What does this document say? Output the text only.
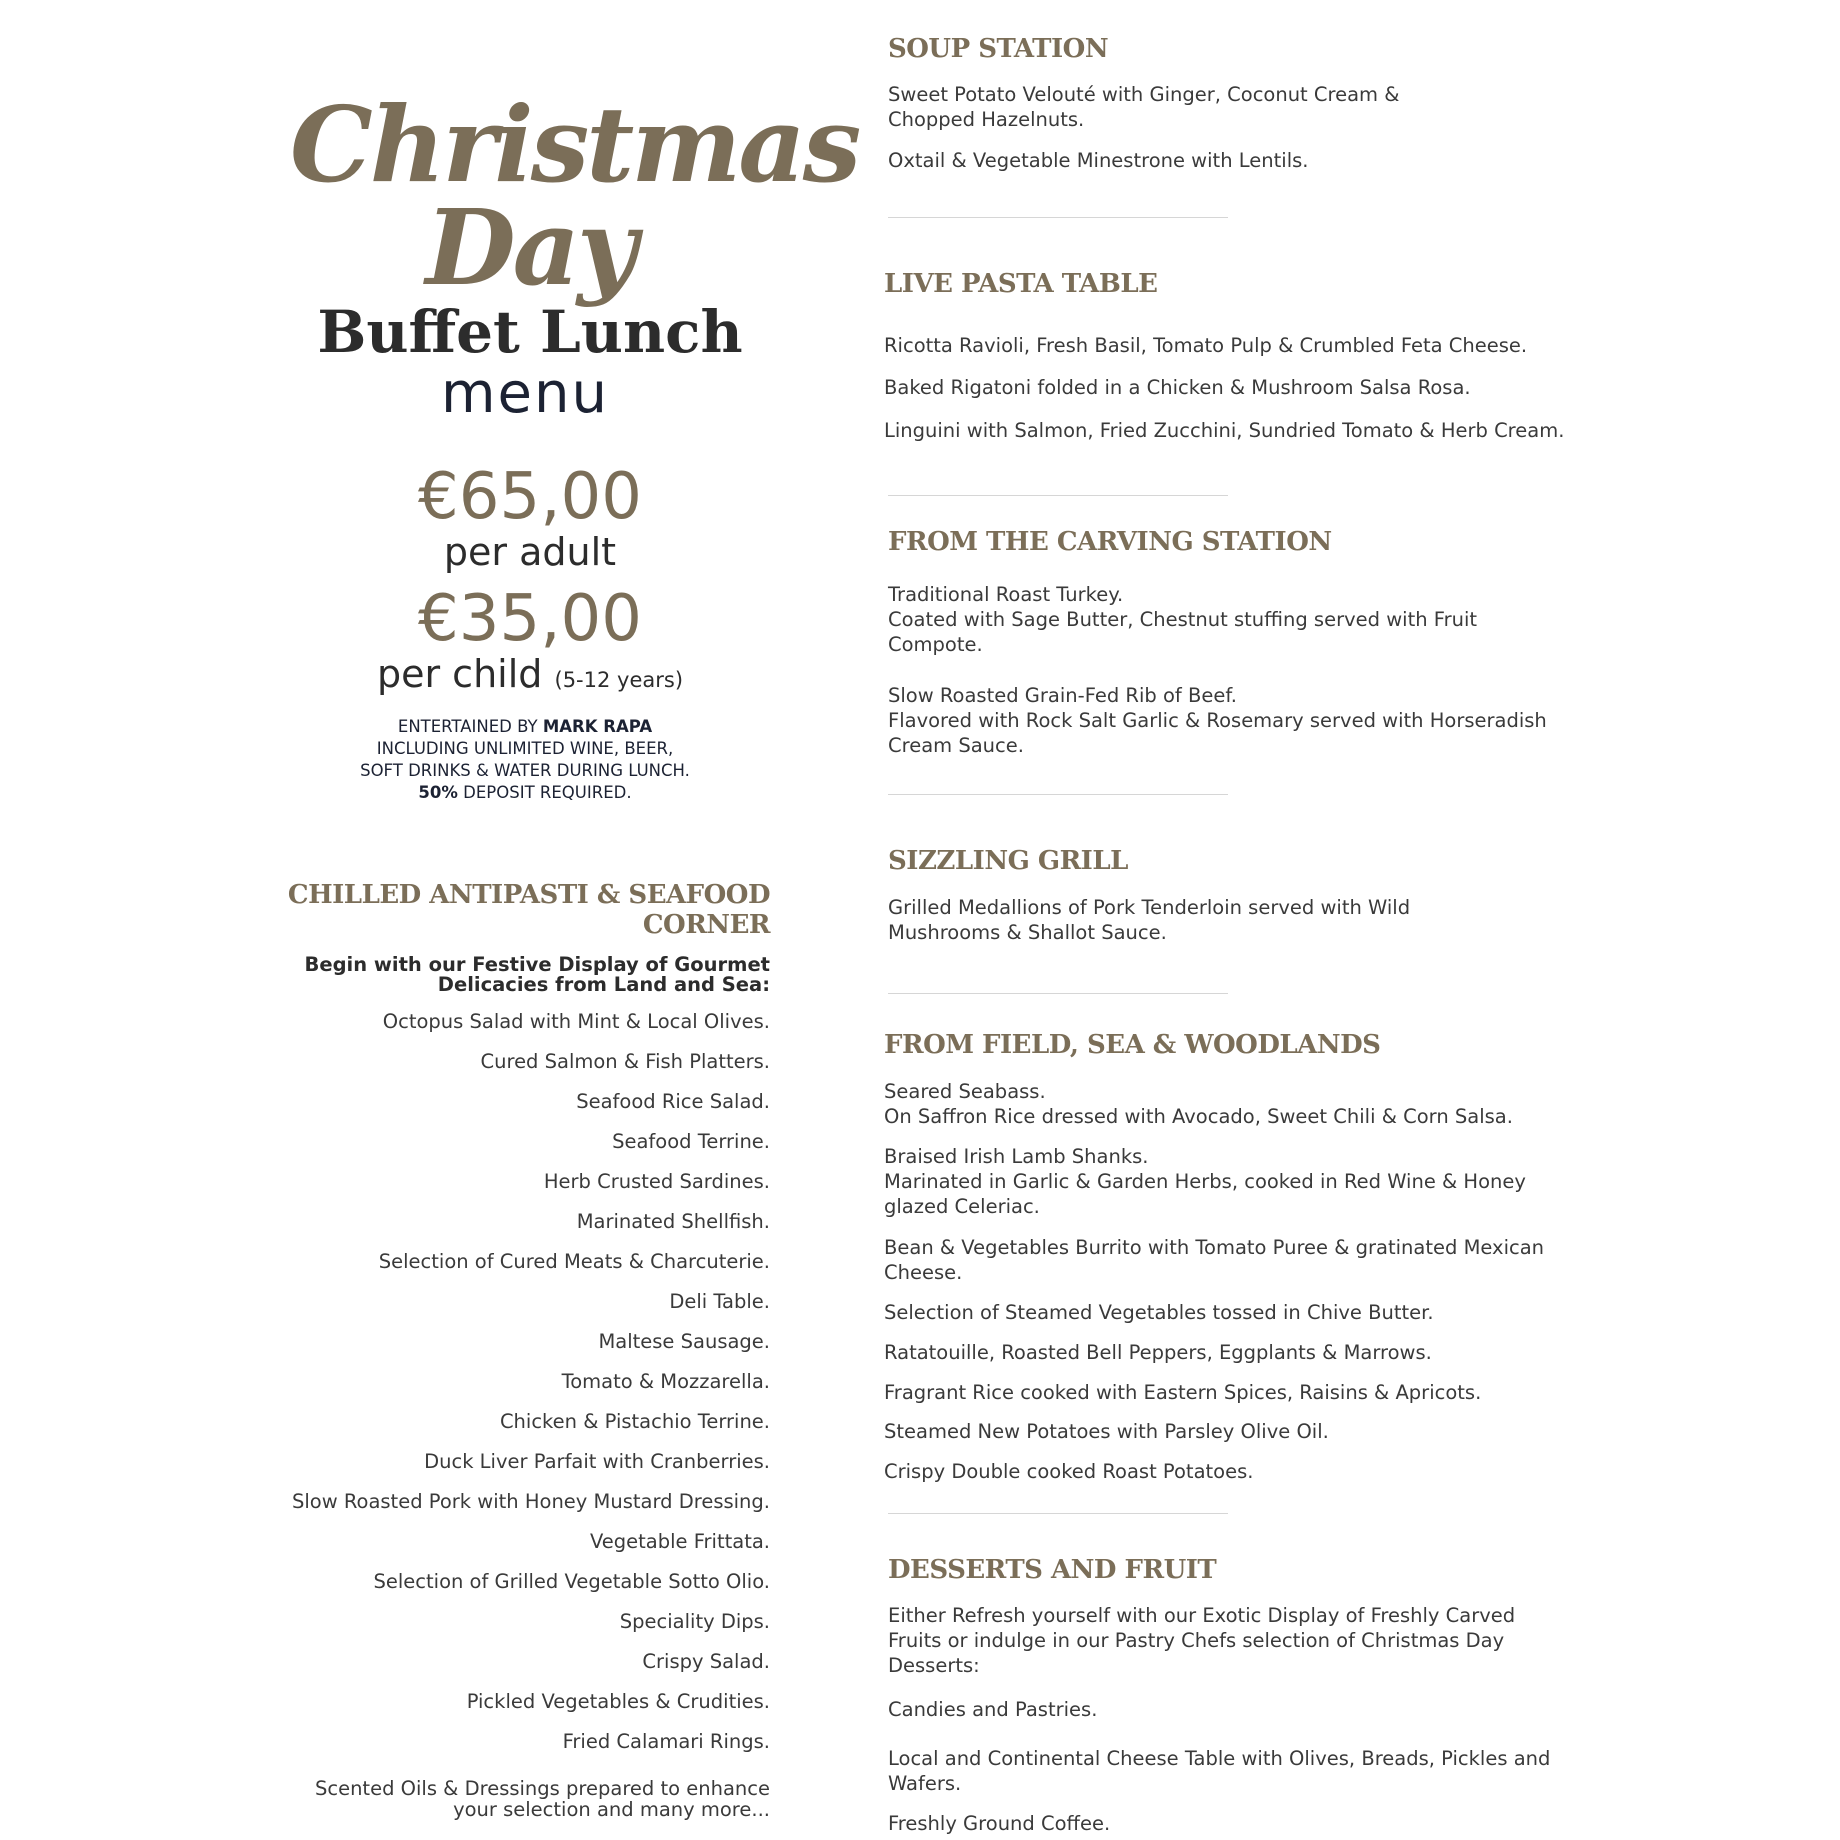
Christmas
Day
Buffet Lunch
menu
€65,00
per adult
€35,00
per child (5-12 years)
ENTERTAINED BY MARK RAPA
INCLUDING UNLIMITED WINE, BEER,
SOFT DRINKS & WATER DURING LUNCH.
50% DEPOSIT REQUIRED.
CHILLED ANTIPASTI & SEAFOOD
CORNER
Begin with our Festive Display of Gourmet
Delicacies from Land and Sea:
Octopus Salad with Mint & Local Olives.
Cured Salmon & Fish Platters.
Seafood Rice Salad.
Seafood Terrine.
Herb Crusted Sardines.
Marinated Shellfish.
Selection of Cured Meats & Charcuterie.
Deli Table.
Maltese Sausage.
Tomato & Mozzarella.
Chicken & Pistachio Terrine.
Duck Liver Parfait with Cranberries.
Slow Roasted Pork with Honey Mustard Dressing.
Vegetable Frittata.
Selection of Grilled Vegetable Sotto Olio.
Speciality Dips.
Crispy Salad.
Pickled Vegetables & Crudities.
Fried Calamari Rings.
Scented Oils & Dressings prepared to enhance
your selection and many more...
SOUP STATION
Sweet Potato Velouté with Ginger, Coconut Cream &
Chopped Hazelnuts.
Oxtail & Vegetable Minestrone with Lentils.
LIVE PASTA TABLE
Ricotta Ravioli, Fresh Basil, Tomato Pulp & Crumbled Feta Cheese.
Baked Rigatoni folded in a Chicken & Mushroom Salsa Rosa.
Linguini with Salmon, Fried Zucchini, Sundried Tomato & Herb Cream.
FROM THE CARVING STATION
Traditional Roast Turkey.
Coated with Sage Butter, Chestnut stuffing served with Fruit
Compote.
Slow Roasted Grain-Fed Rib of Beef.
Flavored with Rock Salt Garlic & Rosemary served with Horseradish
Cream Sauce.
SIZZLING GRILL
Grilled Medallions of Pork Tenderloin served with Wild
Mushrooms & Shallot Sauce.
FROM FIELD, SEA & WOODLANDS
Seared Seabass.
On Saffron Rice dressed with Avocado, Sweet Chili & Corn Salsa.
Braised Irish Lamb Shanks.
Marinated in Garlic & Garden Herbs, cooked in Red Wine & Honey
glazed Celeriac.
Bean & Vegetables Burrito with Tomato Puree & gratinated Mexican
Cheese.
Selection of Steamed Vegetables tossed in Chive Butter.
Ratatouille, Roasted Bell Peppers, Eggplants & Marrows.
Fragrant Rice cooked with Eastern Spices, Raisins & Apricots.
Steamed New Potatoes with Parsley Olive Oil.
Crispy Double cooked Roast Potatoes.
DESSERTS AND FRUIT
Either Refresh yourself with our Exotic Display of Freshly Carved
Fruits or indulge in our Pastry Chefs selection of Christmas Day
Desserts:
Candies and Pastries.
Local and Continental Cheese Table with Olives, Breads, Pickles and
Wafers.
Freshly Ground Coffee.
